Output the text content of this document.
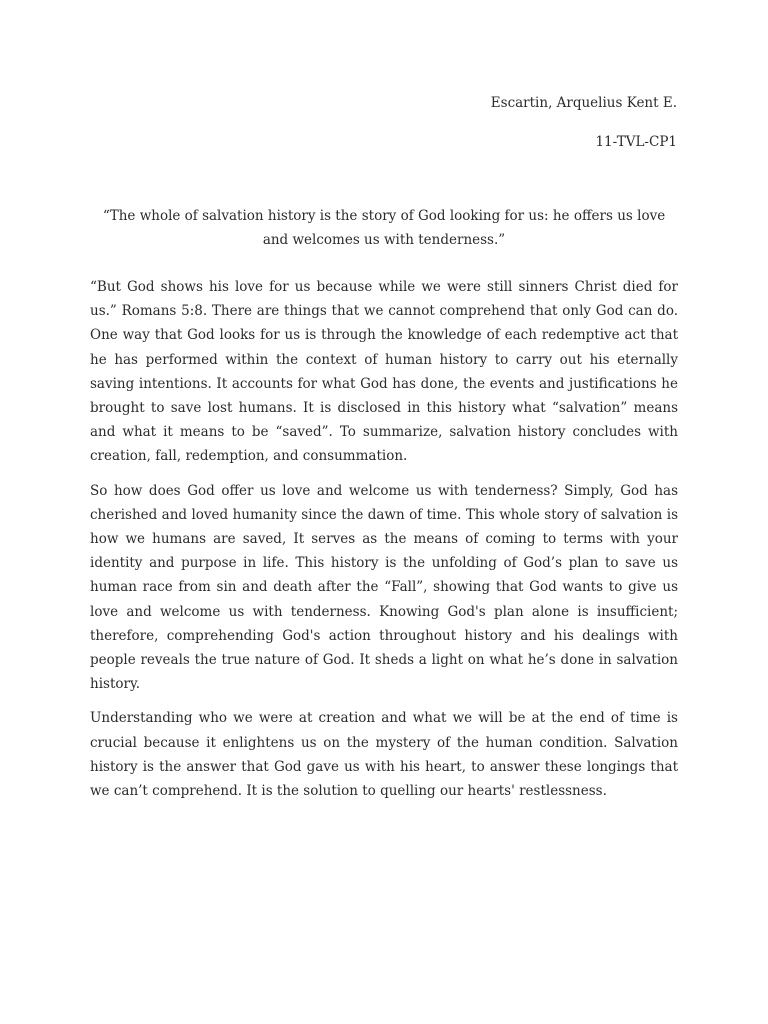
Escartin, Arquelius Kent E.
11-TVL-CP1
“The whole of salvation history is the story of God looking for us: he offers us love and welcomes us with tenderness.”

“But God shows his love for us because while we were still sinners Christ died for us.” Romans 5:8. There are things that we cannot comprehend that only God can do. One way that God looks for us is through the knowledge of each redemptive act that he has performed within the context of human history to carry out his eternally saving intentions. It accounts for what God has done, the events and justifications he brought to save lost humans. It is disclosed in this history what “salvation” means and what it means to be “saved”. To summarize, salvation history concludes with creation, fall, redemption, and consummation.

So how does God offer us love and welcome us with tenderness? Simply, God has cherished and loved humanity since the dawn of time. This whole story of salvation is how we humans are saved, It serves as the means of coming to terms with your identity and purpose in life. This history is the unfolding of God’s plan to save us human race from sin and death after the “Fall”, showing that God wants to give us love and welcome us with tenderness. Knowing God's plan alone is insufficient; therefore, comprehending God's action throughout history and his dealings with people reveals the true nature of God. It sheds a light on what he’s done in salvation history.

Understanding who we were at creation and what we will be at the end of time is crucial because it enlightens us on the mystery of the human condition. Salvation history is the answer that God gave us with his heart, to answer these longings that we can’t comprehend. It is the solution to quelling our hearts' restlessness.
